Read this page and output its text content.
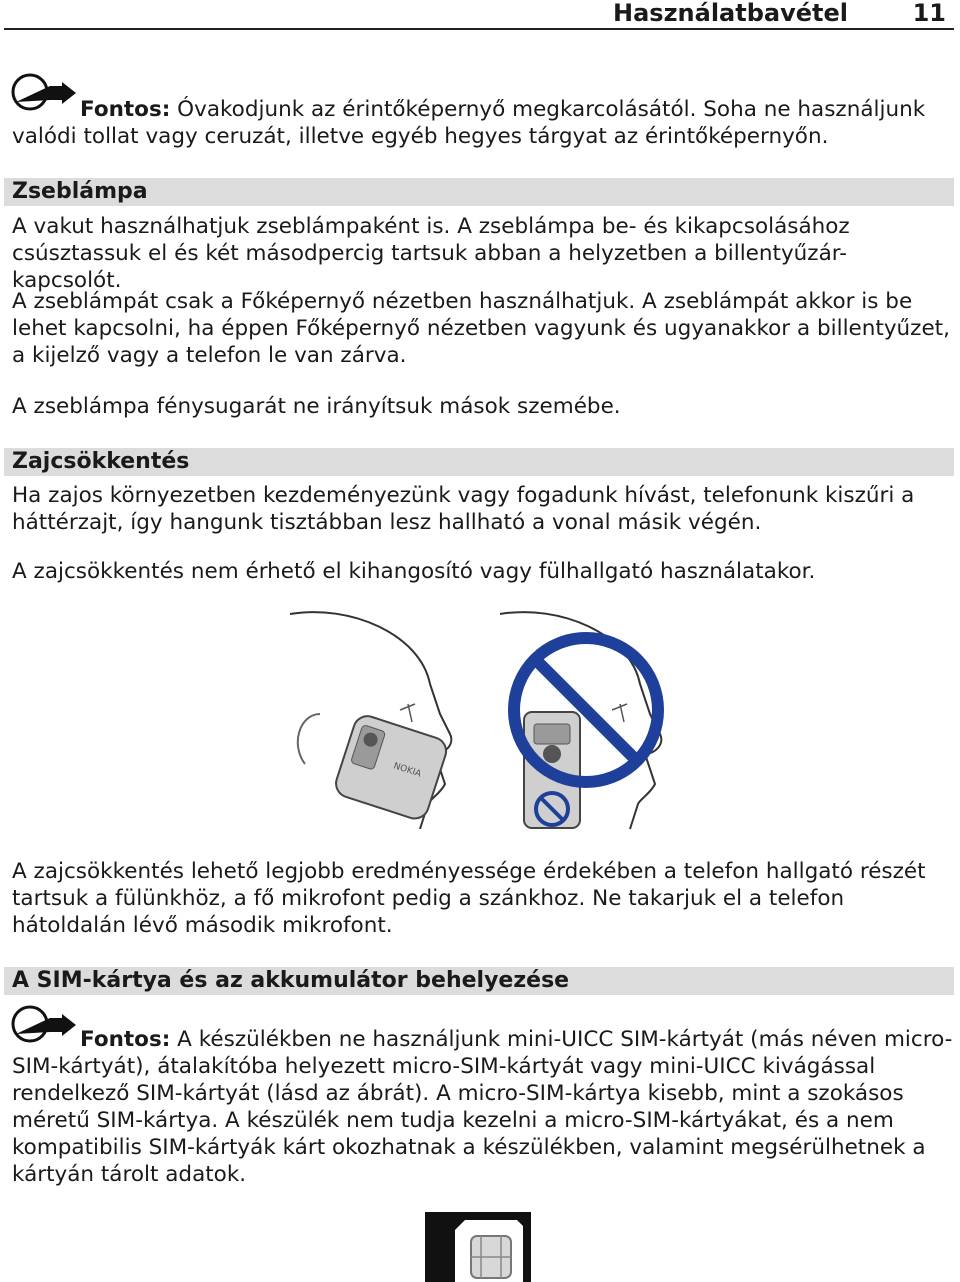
Használatbavétel	11

Fontos: Óvakodjunk az érintőképernyő megkarcolásától. Soha ne használjunk valódi tollat vagy ceruzát, illetve egyéb hegyes tárgyat az érintőképernyőn.

Zseblámpa
A vakut használhatjuk zseblámpaként is. A zseblámpa be- és kikapcsolásához csúsztassuk el és két másodpercig tartsuk abban a helyzetben a billentyűzár-kapcsolót.
A zseblámpát csak a Főképernyő nézetben használhatjuk. A zseblámpát akkor is be lehet kapcsolni, ha éppen Főképernyő nézetben vagyunk és ugyanakkor a billentyűzet, a kijelző vagy a telefon le van zárva.
A zseblámpa fénysugarát ne irányítsuk mások szemébe.
Zajcsökkentés
Ha zajos környezetben kezdeményezünk vagy fogadunk hívást, telefonunk kiszűri a háttérzajt, így hangunk tisztábban lesz hallható a vonal másik végén.
A zajcsökkentés nem érhető el kihangosító vagy fülhallgató használatakor.
NOKIA
A zajcsökkentés lehető legjobb eredményessége érdekében a telefon hallgató részét tartsuk a fülünkhöz, a fő mikrofont pedig a szánkhoz. Ne takarjuk el a telefon hátoldalán lévő második mikrofont.
A SIM-kártya és az akkumulátor behelyezése

Fontos: A készülékben ne használjunk mini-UICC SIM-kártyát (más néven micro-SIM-kártyát), átalakítóba helyezett micro-SIM-kártyát vagy mini-UICC kivágással rendelkező SIM-kártyát (lásd az ábrát). A micro-SIM-kártya kisebb, mint a szokásos méretű SIM-kártya. A készülék nem tudja kezelni a micro-SIM-kártyákat, és a nem kompatibilis SIM-kártyák kárt okozhatnak a készülékben, valamint megsérülhetnek a kártyán tárolt adatok.
